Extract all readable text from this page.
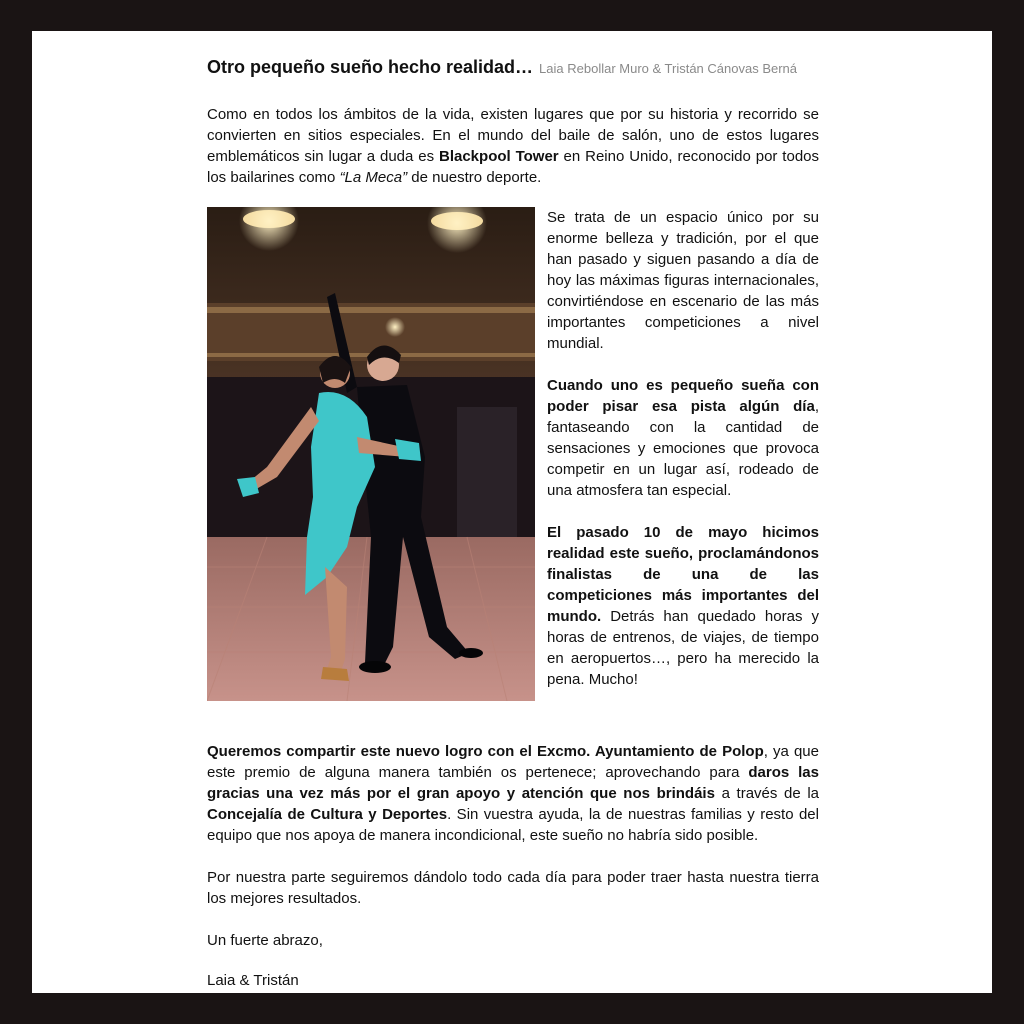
Otro pequeño sueño hecho realidad… Laia Rebollar Muro & Tristán Cánovas Berná

Como en todos los ámbitos de la vida, existen lugares que por su historia y recorrido se convierten en sitios especiales. En el mundo del baile de salón, uno de estos lugares emblemáticos sin lugar a duda es Blackpool Tower en Reino Unido, reconocido por todos los bailarines como “La Meca” de nuestro deporte.

Se trata de un espacio único por su enorme belleza y tradición, por el que han pasado y siguen pasando a día de hoy las máximas figuras internacionales, convirtiéndose en escenario de las más importantes competiciones a nivel mundial.

Cuando uno es pequeño sueña con poder pisar esa pista algún día, fantaseando con la cantidad de sensaciones y emociones que provoca competir en un lugar así, rodeado de una atmosfera tan especial.

El pasado 10 de mayo hicimos realidad este sueño, proclamándonos finalistas de una de las competiciones más importantes del mundo. Detrás han quedado horas y horas de entrenos, de viajes, de tiempo en aeropuertos…, pero ha merecido la pena. Mucho!

Queremos compartir este nuevo logro con el Excmo. Ayuntamiento de Polop, ya que este premio de alguna manera también os pertenece; aprovechando para daros las gracias una vez más por el gran apoyo y atención que nos brindáis a través de la Concejalía de Cultura y Deportes. Sin vuestra ayuda, la de nuestras familias y resto del equipo que nos apoya de manera incondicional, este sueño no habría sido posible.

Por nuestra parte seguiremos dándolo todo cada día para poder traer hasta nuestra tierra los mejores resultados.

Un fuerte abrazo,

Laia & Tristán
